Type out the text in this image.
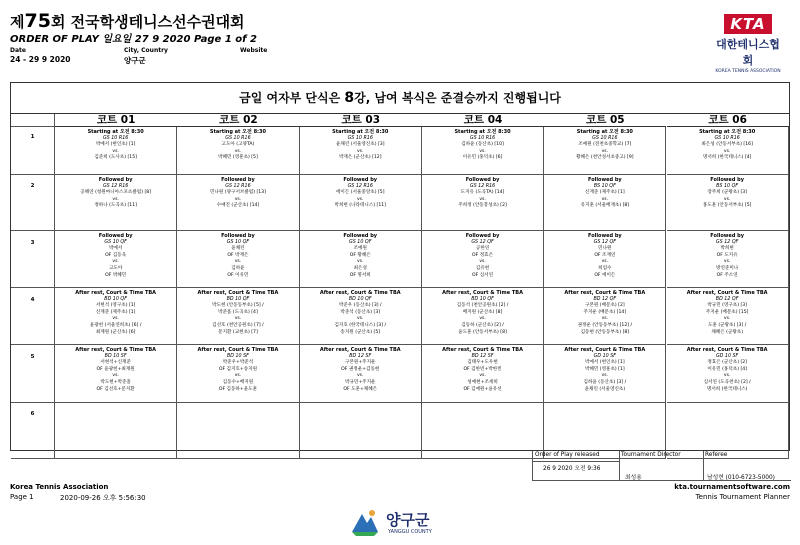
제75회 전국학생테니스선수권대회
ORDER OF PLAY 일요일 27 9 2020 Page 1 of 2
Date
24 - 29 9 2020
City, Country
양구군
Website
KTA
대한테니스협회
KOREA TENNIS ASSOCIATION
금일 여자부 단식은 8강, 남여 복식은 준결승까지 진행됩니다
코트 01	코트 02	코트 03	코트 04	코트 05	코트 06
1
Starting at 오전 8:30
GS 10 R16
박예서 (현인초) [1]
vs.
김준희 (도사초) [15]
Starting at 오전 8:30
GS 10 R16
고도아 (고양TA)
vs.
박혜민 (영훈초) [5]
Starting at 오전 8:30
GS 10 R16
윤채린 (서울영신초) [3]
vs.
박재은 (군산초) [12]
Starting at 오전 8:30
GS 10 R16
김하윤 (동산초) [10]
vs.
이유민 (홍덕초) [6]
Starting at 오전 8:30
GS 10 R16
조예원 (전천초중학교) [7]
vs.
황혜은 (천안성서초중고) [9]
Starting at 오전 8:30
GS 10 R16
최은성 (안동서부초) [16]
vs.
명서희 (한국테니스) [4]
2
Followed by
GS 12 R16
공해연 (청원마니아스포츠클럽) [8]
vs.
정하나 (도곡초) [11]
Followed by
GS 12 R16
민나원 (양구서브클럽) [13]
vs.
수애진 (군산초) [14]
Followed by
GS 12 R16
에이든 (서울중앙초) [5]
vs.
박희현 (나라테니스) [11]
Followed by
GS 12 R16
도지유 (도곡TA) [14]
vs.
주희정 (안동봉성초) [2]
Followed by
BS 10 QF
신재준 (제주초) [1]
vs.
유지훈 (서울배재초) [8]
Followed by
BS 10 QF
장주희 (군왕초) [3]
vs.
홍도훈 (안동서부초) [5]
3
Followed by
GS 10 QF
박예서
OF 김동욱
vs.
고도아
OF 박혜민
Followed by
GS 10 QF
윤채린
OF 박재은
vs.
김하윤
OF 이유민
Followed by
GS 10 QF
조예원
OF 황혜은
vs.
최은성
OF 명서희
Followed by
GS 12 QF
공한연
OF 정효은
vs.
김유현
OF 심서연
Followed by
GS 12 QF
민나원
OF 조재연
vs.
희엄수
OF 에이든
Followed by
GS 12 QF
박희현
OF 도지유
vs.
방연준미나
OF 주소연
4
After rest, Court & Time TBA
BD 10 QF
서현석 (영구초) [1]
신재준 (제주초) [1]
vs.
윤광헌 (서울연희초) [6] /
최재원 (군산초) [6]
After rest, Court & Time TBA
BD 10 QF
박도현 (안동동부초) [5] /
박준흠 (도곡초) [4]
vs.
김선호 (천안공원초) [7] /
문지환 (교현초) [7]
After rest, Court & Time TBA
BD 10 QF
박준우 (동산초) [3] /
박준석 (동산초) [3]
vs.
김지호 (한국테니스) [3] /
송지원 (군산초) [5]
After rest, Court & Time TBA
BD 10 QF
김동석 (천안공원초) [2] /
배지원 (군산초) [8]
vs.
김동하 (군산초) [2] /
윤도훈 (안동서부초) [8]
After rest, Court & Time TBA
BD 12 QF
구본원 (배문초) [2]
주지운 (배문초) [14]
vs.
권정운 (안동동부초) [12] /
김동현 (안동동부초) [8]
After rest, Court & Time TBA
BD 12 QF
박규민 (영구초) [3]
주지운 (배문초) [15]
vs.
도훈 (군왕초) [3] /
채혜은 (군왕초)
5
After rest, Court & Time TBA
BD 10 SF
서현석+신재준
OF 윤광헌+최재원
vs.
박도현+박준흠
OF 김선호+문지환
After rest, Court & Time TBA
BD 10 SF
박준우+박준석
OF 김지호+송지원
vs.
김동수+배지원
OF 김동하+윤도훈
After rest, Court & Time TBA
BD 12 SF
구본원+주지운
OF 권정운+김동현
vs.
박규민+주지운
OF 도훈+채혜은
After rest, Court & Time TBA
BD 12 SF
김태우+도우현
OF 김한빈+박한빈
vs.
성예현+조세희
OF 김예원+윤유선
After rest, Court & Time TBA
GD 10 SF
박예서 (현인초) [1]
박혜민 (영훈초) [1]
vs.
김하윤 (동산초) [3] /
윤채린 (서울영신초)
After rest, Court & Time TBA
GD 10 SF
정효은 (군산초) [2]
이유민 (홍덕초) [4]
vs.
심서연 (도곡천초) [2] /
명서희 (한국테니스)
6
Order of Play released	Tournament Director	Referee
26 9 2020 오전 9:36
최성용	남성현 (010-6723-5000)
Korea Tennis Association
Page 1	2020-09-26 오후 5:56:30
kta.tournamentsoftware.com
Tennis Tournament Planner
양구군
YANGGU COUNTY
